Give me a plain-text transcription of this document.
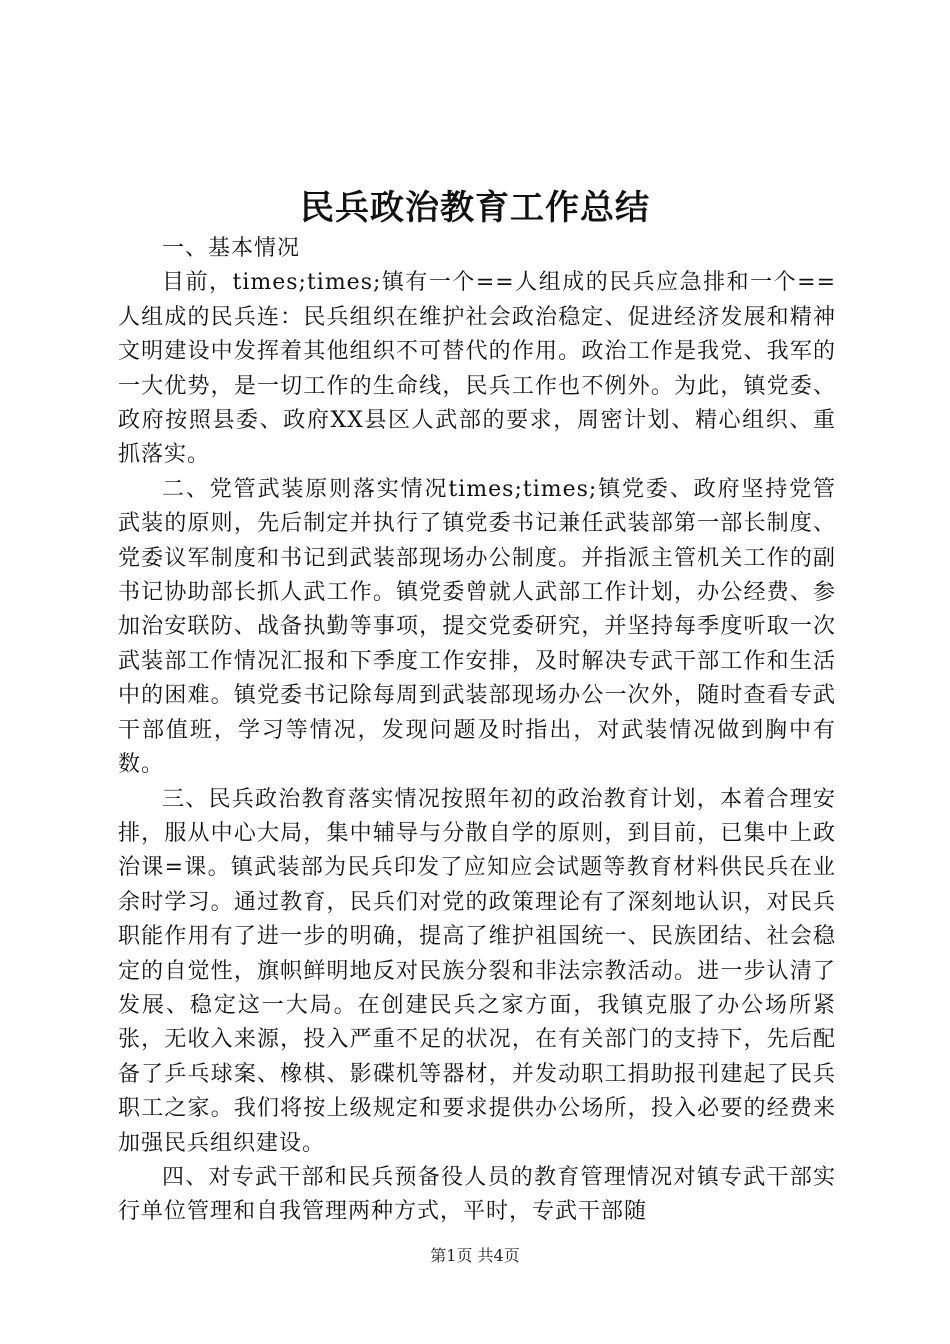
民兵政治教育工作总结

一、基本情况

目前，times;times;镇有一个==人组成的民兵应急排和一个==人组成的民兵连：民兵组织在维护社会政治稳定、促进经济发展和精神文明建设中发挥着其他组织不可替代的作用。政治工作是我党、我军的一大优势，是一切工作的生命线，民兵工作也不例外。为此，镇党委、政府按照县委、政府XX县区人武部的要求，周密计划、精心组织、重抓落实。

二、党管武装原则落实情况times;times;镇党委、政府坚持党管武装的原则，先后制定并执行了镇党委书记兼任武装部第一部长制度、党委议军制度和书记到武装部现场办公制度。并指派主管机关工作的副书记协助部长抓人武工作。镇党委曾就人武部工作计划，办公经费、参加治安联防、战备执勤等事项，提交党委研究，并坚持每季度听取一次武装部工作情况汇报和下季度工作安排，及时解决专武干部工作和生活中的困难。镇党委书记除每周到武装部现场办公一次外，随时查看专武干部值班，学习等情况，发现问题及时指出，对武装情况做到胸中有数。

三、民兵政治教育落实情况按照年初的政治教育计划，本着合理安排，服从中心大局，集中辅导与分散自学的原则，到目前，已集中上政治课=课。镇武装部为民兵印发了应知应会试题等教育材料供民兵在业余时学习。通过教育，民兵们对党的政策理论有了深刻地认识，对民兵职能作用有了进一步的明确，提高了维护祖国统一、民族团结、社会稳定的自觉性，旗帜鲜明地反对民族分裂和非法宗教活动。进一步认清了发展、稳定这一大局。在创建民兵之家方面，我镇克服了办公场所紧张，无收入来源，投入严重不足的状况，在有关部门的支持下，先后配备了乒乓球案、橡棋、影碟机等器材，并发动职工捐助报刊建起了民兵职工之家。我们将按上级规定和要求提供办公场所，投入必要的经费来加强民兵组织建设。

四、对专武干部和民兵预备役人员的教育管理情况对镇专武干部实行单位管理和自我管理两种方式，平时，专武干部随

第1页 共4页
